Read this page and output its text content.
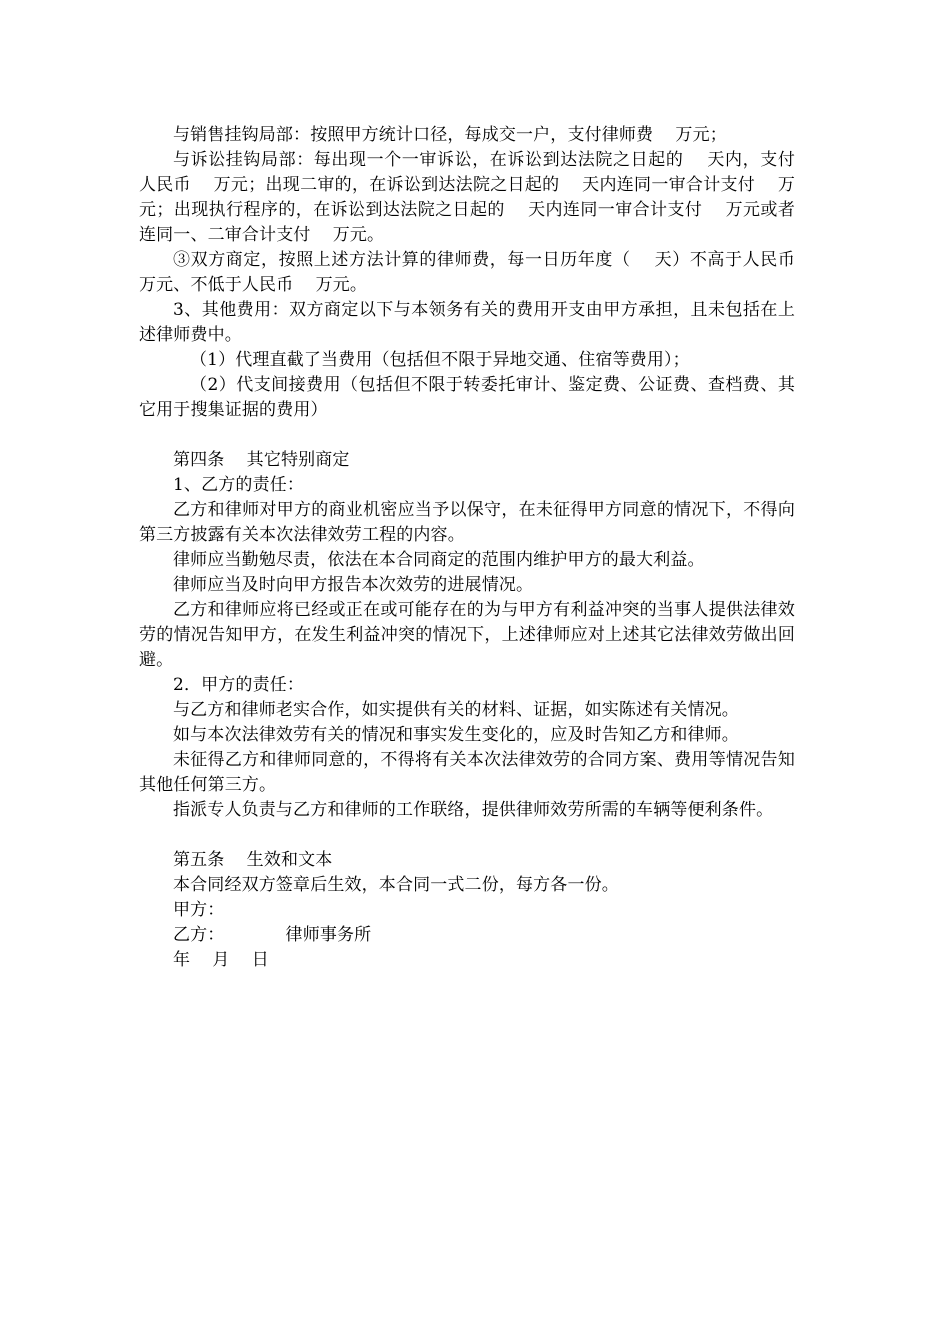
与销售挂钩局部：按照甲方统计口径，每成交一户，支付律师费    万元；

与诉讼挂钩局部：每出现一个一审诉讼，在诉讼到达法院之日起的    天内，支付人民币    万元；出现二审的，在诉讼到达法院之日起的    天内连同一审合计支付    万元；出现执行程序的，在诉讼到达法院之日起的    天内连同一审合计支付    万元或者连同一、二审合计支付    万元。

③双方商定，按照上述方法计算的律师费，每一日历年度（    天）不高于人民币    万元、不低于人民币    万元。

3、其他费用：双方商定以下与本领务有关的费用开支由甲方承担，且未包括在上述律师费中。

（1）代理直截了当费用（包括但不限于异地交通、住宿等费用）；

（2）代支间接费用（包括但不限于转委托审计、鉴定费、公证费、查档费、其它用于搜集证据的费用）

第四条    其它特别商定

1、乙方的责任：

乙方和律师对甲方的商业机密应当予以保守，在未征得甲方同意的情况下，不得向第三方披露有关本次法律效劳工程的内容。

律师应当勤勉尽责，依法在本合同商定的范围内维护甲方的最大利益。

律师应当及时向甲方报告本次效劳的进展情况。

乙方和律师应将已经或正在或可能存在的为与甲方有利益冲突的当事人提供法律效劳的情况告知甲方，在发生利益冲突的情况下，上述律师应对上述其它法律效劳做出回避。

2．甲方的责任：

与乙方和律师老实合作，如实提供有关的材料、证据，如实陈述有关情况。

如与本次法律效劳有关的情况和事实发生变化的，应及时告知乙方和律师。

未征得乙方和律师同意的，不得将有关本次法律效劳的合同方案、费用等情况告知其他任何第三方。

指派专人负责与乙方和律师的工作联络，提供律师效劳所需的车辆等便利条件。

第五条    生效和文本

本合同经双方签章后生效，本合同一式二份，每方各一份。

甲方：

乙方：           律师事务所

年    月    日
